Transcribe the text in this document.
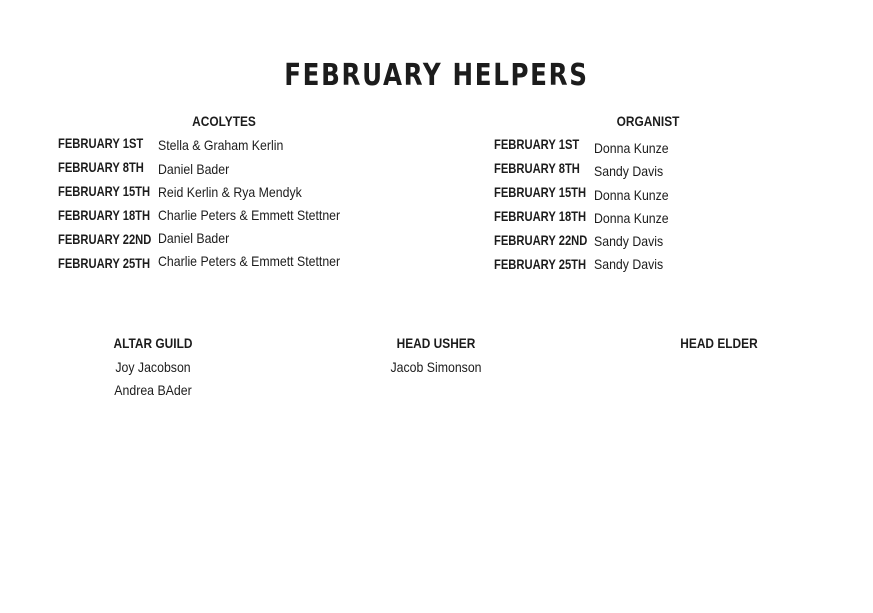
FEBRUARY HELPERS
ACOLYTES
FEBRUARY 1ST Stella & Graham Kerlin
FEBRUARY 8TH Daniel Bader
FEBRUARY 15TH Reid Kerlin & Rya Mendyk
FEBRUARY 18TH Charlie Peters & Emmett Stettner
FEBRUARY 22ND Daniel Bader
FEBRUARY 25TH Charlie Peters & Emmett Stettner
ORGANIST
FEBRUARY 1ST Donna Kunze
FEBRUARY 8TH Sandy Davis
FEBRUARY 15TH Donna Kunze
FEBRUARY 18TH Donna Kunze
FEBRUARY 22ND Sandy Davis
FEBRUARY 25TH Sandy Davis
ALTAR GUILD
Joy Jacobson
Andrea BAder
HEAD USHER
Jacob Simonson
HEAD ELDER
